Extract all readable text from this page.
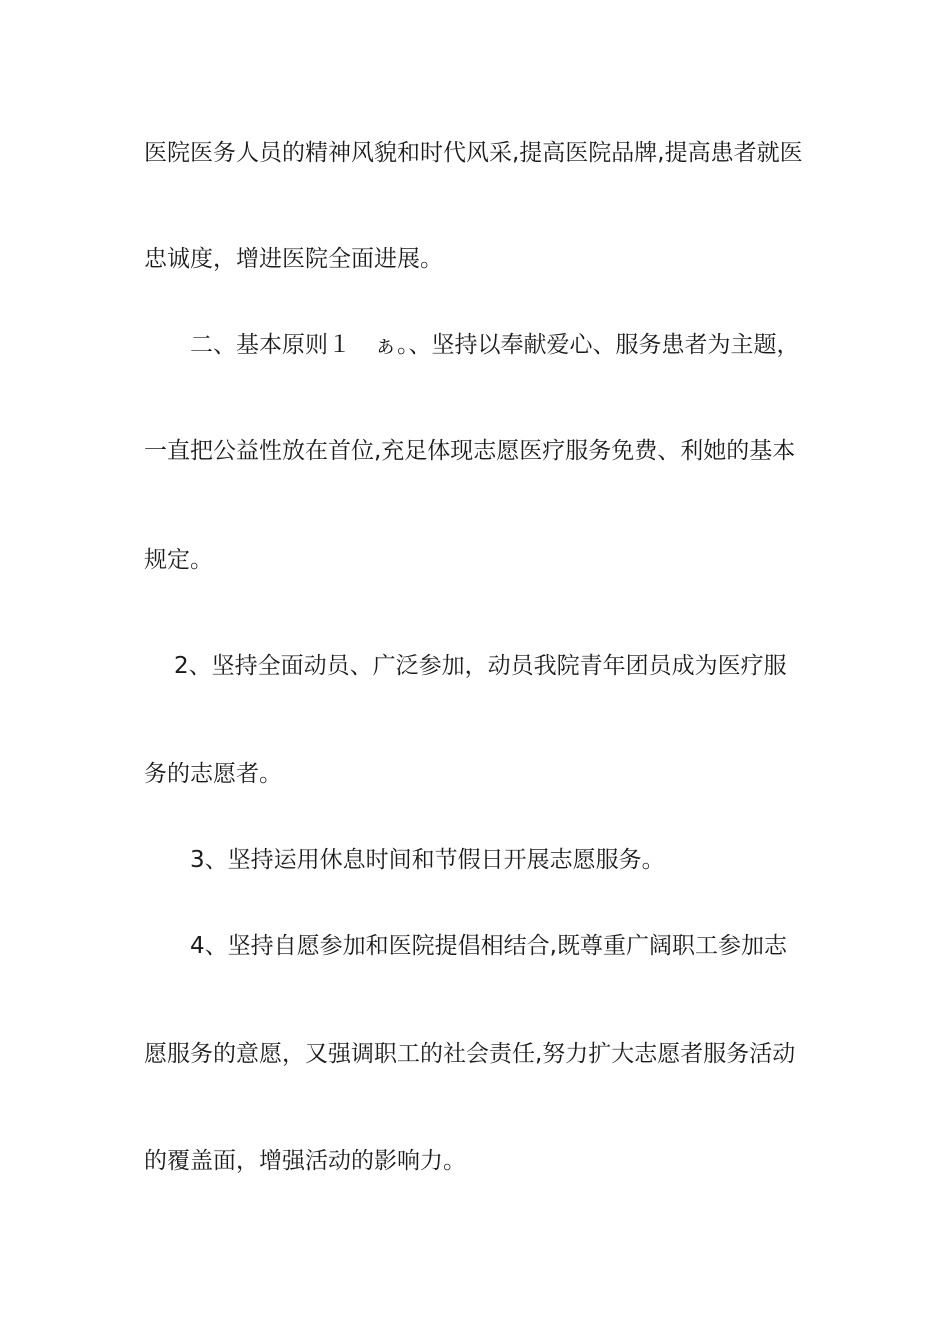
医院医务人员的精神风貌和时代风采,提高医院品牌,提高患者就医
忠诚度，增进医院全面进展。
二、基本原则１　ぁ。、坚持以奉献爱心、服务患者为主题，
一直把公益性放在首位,充足体现志愿医疗服务免费、利她的基本
规定。
2、坚持全面动员、广泛参加，动员我院青年团员成为医疗服
务的志愿者。
3、坚持运用休息时间和节假日开展志愿服务。
4、坚持自愿参加和医院提倡相结合,既尊重广阔职工参加志
愿服务的意愿，又强调职工的社会责任,努力扩大志愿者服务活动
的覆盖面，增强活动的影响力。
